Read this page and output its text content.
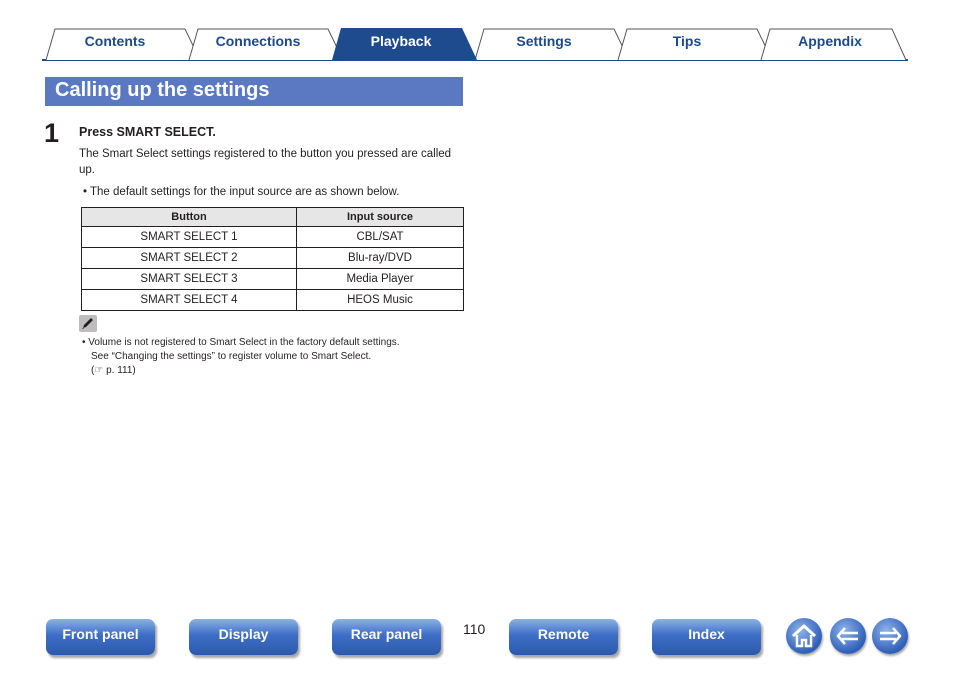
Contents	Connections	Playback	Settings	Tips	Appendix
Calling up the settings
1 Press SMART SELECT.
The Smart Select settings registered to the button you pressed are called up.
• The default settings for the input source are as shown below.
Button	Input source
SMART SELECT 1	CBL/SAT
SMART SELECT 2	Blu-ray/DVD
SMART SELECT 3	Media Player
SMART SELECT 4	HEOS Music
• Volume is not registered to Smart Select in the factory default settings.
See “Changing the settings” to register volume to Smart Select.
(☞ p. 111)
Front panel	Display	Rear panel	110	Remote	Index
